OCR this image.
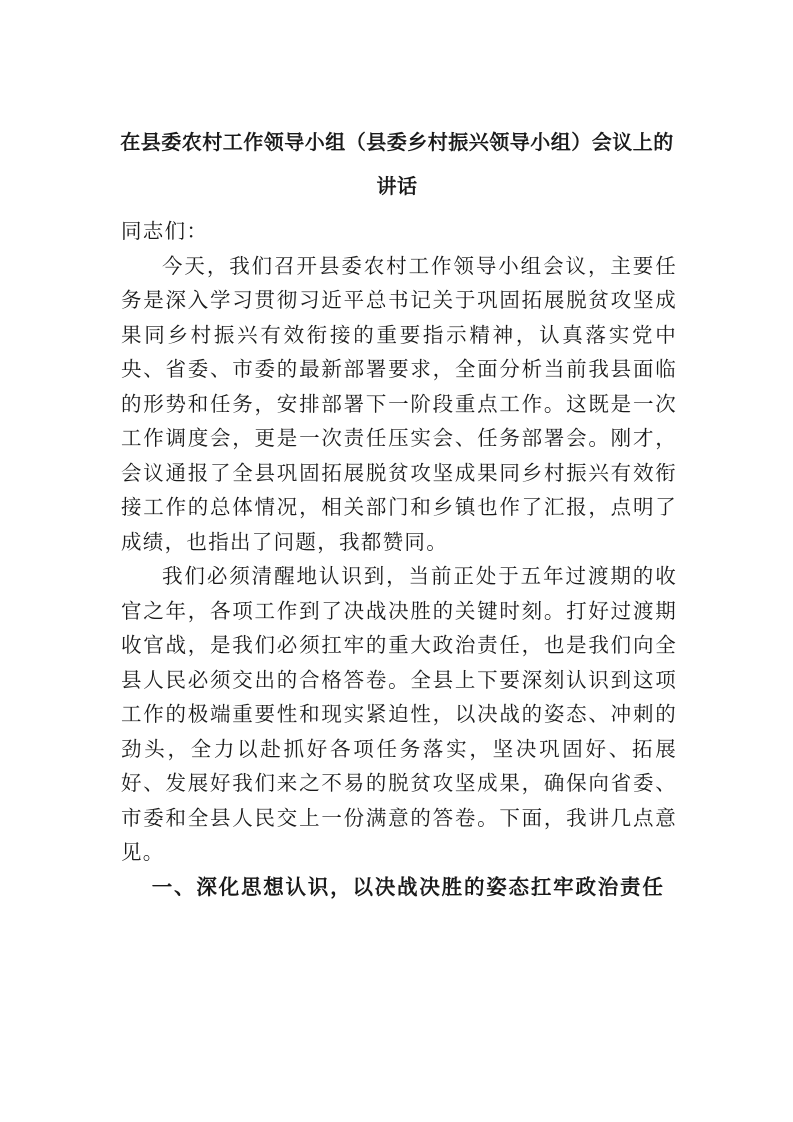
在县委农村工作领导小组（县委乡村振兴领导小组）会议上的讲话

同志们：

今天，我们召开县委农村工作领导小组会议，主要任务是深入学习贯彻习近平总书记关于巩固拓展脱贫攻坚成果同乡村振兴有效衔接的重要指示精神，认真落实党中央、省委、市委的最新部署要求，全面分析当前我县面临的形势和任务，安排部署下一阶段重点工作。这既是一次工作调度会，更是一次责任压实会、任务部署会。刚才，会议通报了全县巩固拓展脱贫攻坚成果同乡村振兴有效衔接工作的总体情况，相关部门和乡镇也作了汇报，点明了成绩，也指出了问题，我都赞同。

我们必须清醒地认识到，当前正处于五年过渡期的收官之年，各项工作到了决战决胜的关键时刻。打好过渡期收官战，是我们必须扛牢的重大政治责任，也是我们向全县人民必须交出的合格答卷。全县上下要深刻认识到这项工作的极端重要性和现实紧迫性，以决战的姿态、冲刺的劲头，全力以赴抓好各项任务落实，坚决巩固好、拓展好、发展好我们来之不易的脱贫攻坚成果，确保向省委、市委和全县人民交上一份满意的答卷。下面，我讲几点意见。

一、深化思想认识，以决战决胜的姿态扛牢政治责任
